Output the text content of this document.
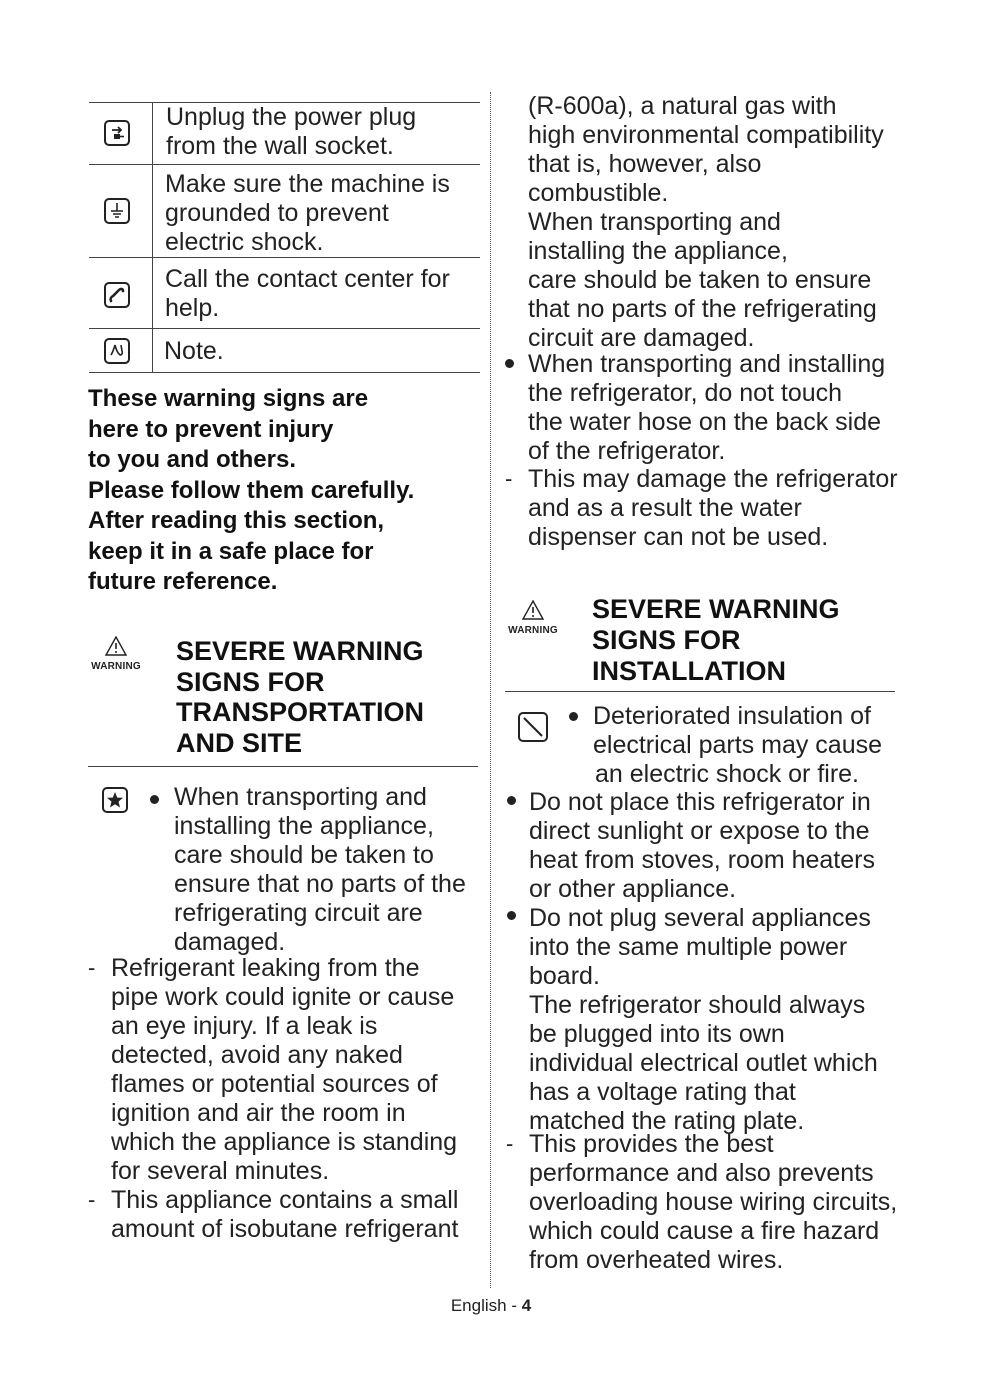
Unplug the power plug
from the wall socket.
Make sure the machine is
grounded to prevent
electric shock.
Call the contact center for
help.
Note.
These warning signs are
here to prevent injury
to you and others.
Please follow them carefully.
After reading this section,
keep it in a safe place for
future reference.
WARNING
SEVERE WARNING
SIGNS FOR
TRANSPORTATION
AND SITE
When transporting and
installing the appliance,
care should be taken to
ensure that no parts of the
refrigerating circuit are
damaged.
- Refrigerant leaking from the
pipe work could ignite or cause
an eye injury. If a leak is
detected, avoid any naked
flames or potential sources of
ignition and air the room in
which the appliance is standing
for several minutes.
- This appliance contains a small
amount of isobutane refrigerant
(R-600a), a natural gas with
high environmental compatibility
that is, however, also
combustible.
When transporting and
installing the appliance,
care should be taken to ensure
that no parts of the refrigerating
circuit are damaged.
When transporting and installing
the refrigerator, do not touch
the water hose on the back side
of the refrigerator.
- This may damage the refrigerator
and as a result the water
dispenser can not be used.
WARNING
SEVERE WARNING
SIGNS FOR
INSTALLATION
Deteriorated insulation of
electrical parts may cause
an electric shock or fire.
Do not place this refrigerator in
direct sunlight or expose to the
heat from stoves, room heaters
or other appliance.
Do not plug several appliances
into the same multiple power
board.
The refrigerator should always
be plugged into its own
individual electrical outlet which
has a voltage rating that
matched the rating plate.
- This provides the best
performance and also prevents
overloading house wiring circuits,
which could cause a fire hazard
from overheated wires.
English - 4
